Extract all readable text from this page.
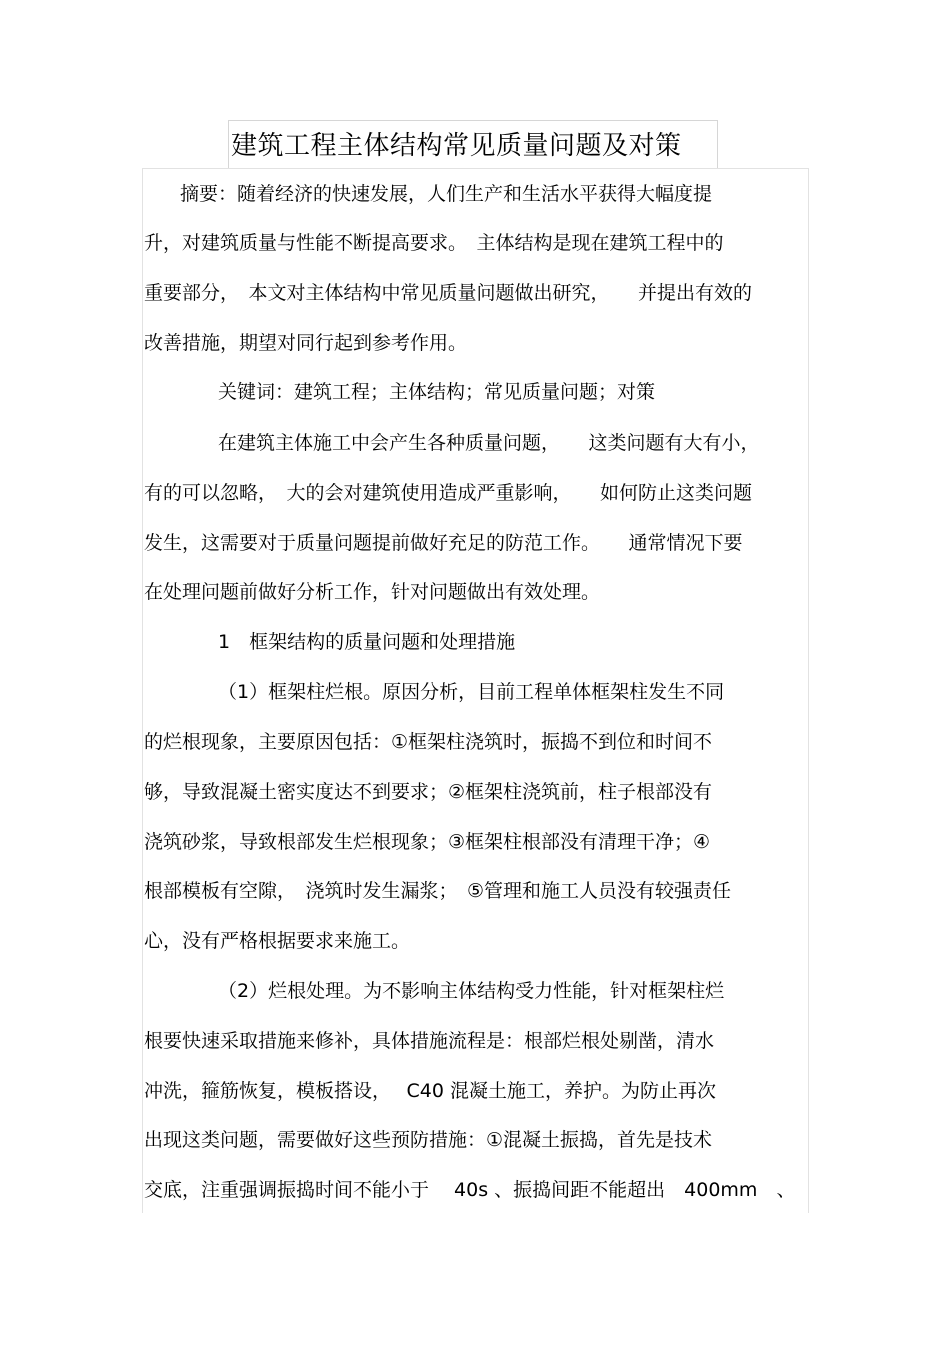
建筑工程主体结构常见质量问题及对策
摘要：随着经济的快速发展，人们生产和生活水平获得大幅度提
升，对建筑质量与性能不断提高要求。　主体结构是现在建筑工程中的
重要部分，　本文对主体结构中常见质量问题做出研究，　　并提出有效的
改善措施，期望对同行起到参考作用。
关键词：建筑工程；主体结构；常见质量问题；对策
在建筑主体施工中会产生各种质量问题，　　这类问题有大有小，
有的可以忽略，　大的会对建筑使用造成严重影响，　　如何防止这类问题
发生，这需要对于质量问题提前做好充足的防范工作。　　通常情况下要
在处理问题前做好分析工作，针对问题做出有效处理。
1　框架结构的质量问题和处理措施
（1）框架柱烂根。原因分析，目前工程单体框架柱发生不同
的烂根现象，主要原因包括：①框架柱浇筑时，振捣不到位和时间不
够，导致混凝土密实度达不到要求；②框架柱浇筑前，柱子根部没有
浇筑砂浆，导致根部发生烂根现象；③框架柱根部没有清理干净；④
根部模板有空隙，　浇筑时发生漏浆；　⑤管理和施工人员没有较强责任
心，没有严格根据要求来施工。
（2）烂根处理。为不影响主体结构受力性能，针对框架柱烂
根要快速采取措施来修补，具体措施流程是：根部烂根处剔凿，清水
冲洗，箍筋恢复，模板搭设，　 C40 混凝土施工，养护。为防止再次
出现这类问题，需要做好这些预防措施：①混凝土振捣，首先是技术
交底，注重强调振捣时间不能小于　 40s 、振捣间距不能超出　400mm　、
